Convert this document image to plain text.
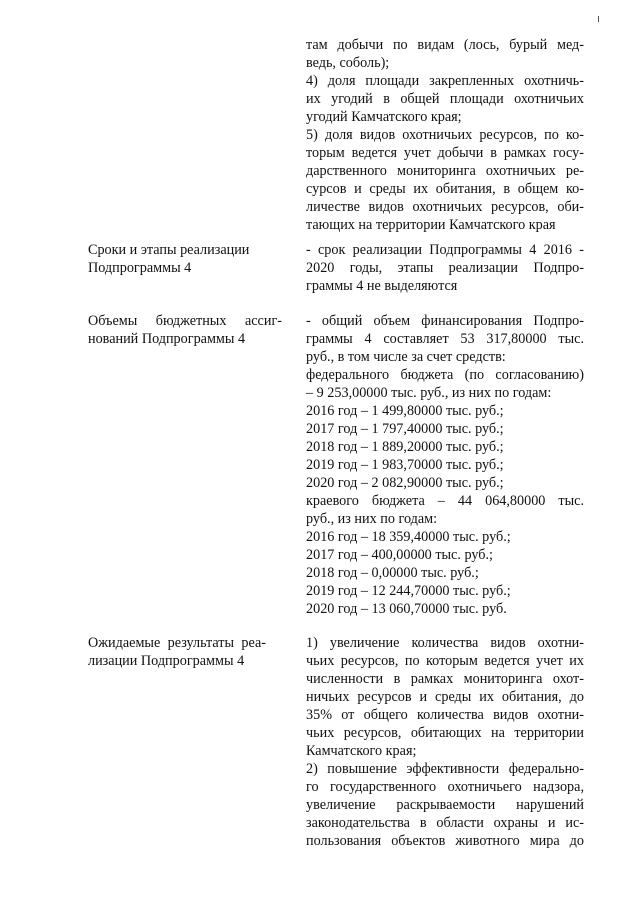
там добычи по видам (лось, бурый мед-
ведь, соболь);
4) доля площади закрепленных охотничь-
их угодий в общей площади охотничьих
угодий Камчатского края;
5) доля видов охотничьих ресурсов, по ко-
торым ведется учет добычи в рамках госу-
дарственного мониторинга охотничьих ре-
сурсов и среды их обитания, в общем ко-
личестве видов охотничьих ресурсов, оби-
тающих на территории Камчатского края
Сроки и этапы реализации
Подпрограммы 4
- срок реализации Подпрограммы 4 2016 -
2020 годы, этапы реализации Подпро-
граммы 4 не выделяются
Объемы бюджетных ассиг-
нований Подпрограммы 4
- общий объем финансирования Подпро-
граммы 4 составляет 53 317,80000 тыс.
руб., в том числе за счет средств:
федерального бюджета (по согласованию)
– 9 253,00000 тыс. руб., из них по годам:
2016 год – 1 499,80000 тыс. руб.;
2017 год – 1 797,40000 тыс. руб.;
2018 год – 1 889,20000 тыс. руб.;
2019 год – 1 983,70000 тыс. руб.;
2020 год – 2 082,90000 тыс. руб.;
краевого бюджета – 44 064,80000 тыс.
руб., из них по годам:
2016 год – 18 359,40000 тыс. руб.;
2017 год – 400,00000 тыс. руб.;
2018 год – 0,00000 тыс. руб.;
2019 год – 12 244,70000 тыс. руб.;
2020 год – 13 060,70000 тыс. руб.
Ожидаемые результаты реа-
лизации Подпрограммы 4
1) увеличение количества видов охотни-
чьих ресурсов, по которым ведется учет их
численности в рамках мониторинга охот-
ничьих ресурсов и среды их обитания, до
35% от общего количества видов охотни-
чьих ресурсов, обитающих на территории
Камчатского края;
2) повышение эффективности федерально-
го государственного охотничьего надзора,
увеличение раскрываемости нарушений
законодательства в области охраны и ис-
пользования объектов животного мира до
